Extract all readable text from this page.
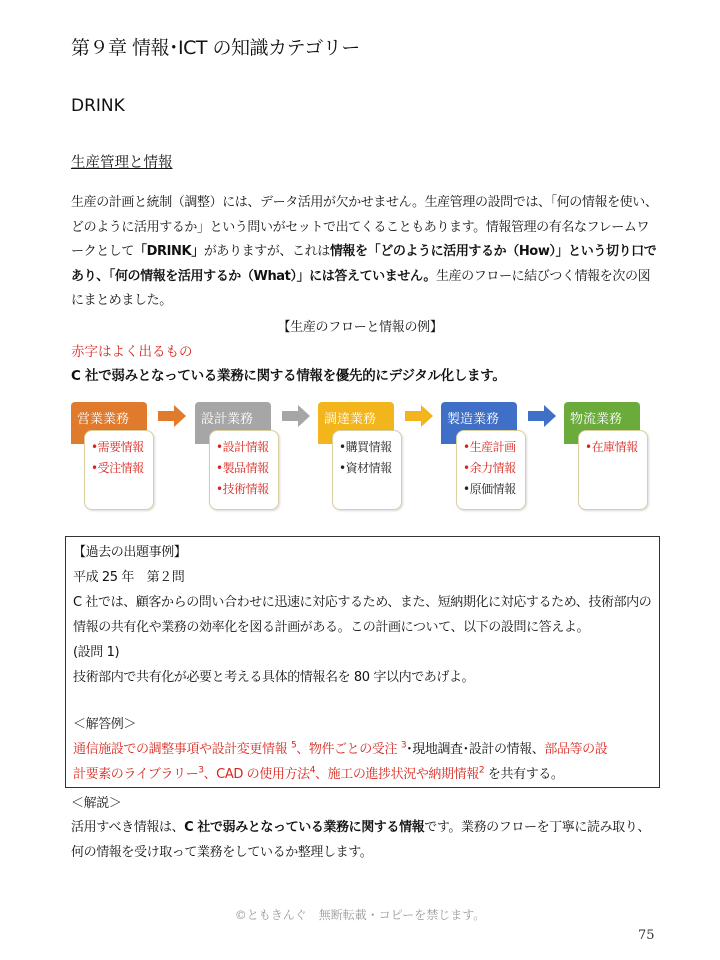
第９章 情報･ICT の知識カテゴリー
DRINK
生産管理と情報
生産の計画と統制（調整）には、データ活用が欠かせません。生産管理の設問では、「何の情報を使い、どのように活用するか」という問いがセットで出てくることもあります。情報管理の有名なフレームワークとして「DRINK」がありますが、これは情報を「どのように活用するか（How）」という切り口であり、「何の情報を活用するか（What）」には答えていません。生産のフローに結びつく情報を次の図にまとめました。
【生産のフローと情報の例】
赤字はよく出るもの
C 社で弱みとなっている業務に関する情報を優先的にデジタル化します。
営業業務	設計業務	調達業務	製造業務	物流業務
•需要情報
•受注情報
•設計情報
•製品情報
•技術情報
•購買情報
•資材情報
•生産計画
•余力情報
•原価情報
•在庫情報
【過去の出題事例】
平成 25 年　第２問
C 社では、顧客からの問い合わせに迅速に対応するため、また、短納期化に対応するため、技術部内の
情報の共有化や業務の効率化を図る計画がある。この計画について、以下の設問に答えよ。
(設問 1)
技術部内で共有化が必要と考える具体的情報名を 80 字以内であげよ。
＜解答例＞
通信施設での調整事項や設計変更情報 $^5$、物件ごとの受注 $^3$･現地調査･設計の情報、部品等の設
計要素のライブラリー$^3$、CAD の使用方法$^4$、施工の進捗状況や納期情報$^2$ を共有する。
＜解説＞
活用すべき情報は、C 社で弱みとなっている業務に関する情報です。業務のフローを丁寧に読み取り、
何の情報を受け取って業務をしているか整理します。
©ともきんぐ　無断転載・コピーを禁じます。
75
